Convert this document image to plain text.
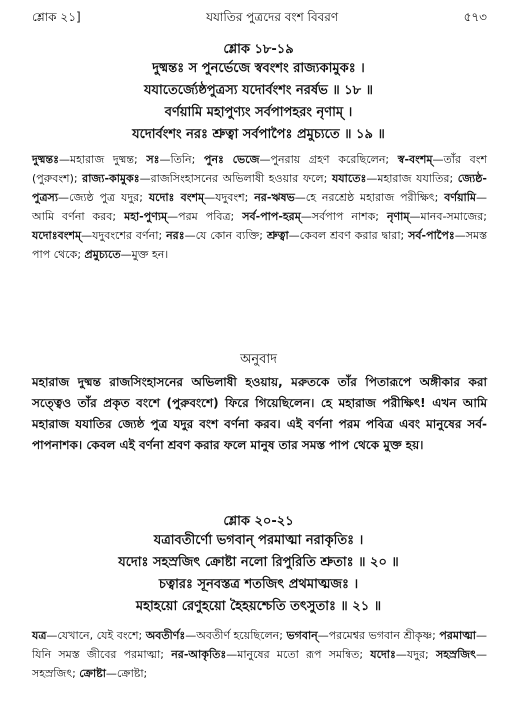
শ্লোক ২১]	যযাতির পুত্রদের বংশ বিবরণ	৫৭৩
শ্লোক ১৮-১৯
দুষ্মন্তঃ স পুনর্ভেজে স্ববংশং রাজ্যকামুকঃ ।
যযাতের্জ্যেষ্ঠপুত্রস্য যদোর্বংশং নরর্ষভ ॥ ১৮ ॥
বর্ণয়ামি মহাপুণ্যং সর্বপাপহরং নৃণাম্ ।
যদোর্বংশং নরঃ শ্রুত্বা সর্বপাপৈঃ প্রমুচ্যতে ॥ ১৯ ॥
দুষ্মন্তঃ—মহারাজ দুষ্মন্ত; সঃ—তিনি; পুনঃ ভেজে—পুনরায় গ্রহণ করেছিলেন; স্ব-বংশম্—তাঁর বংশ (পুরুবংশ); রাজ্য-কামুকঃ—রাজসিংহাসনের অভিলাষী হওয়ার ফলে; যযাতেঃ—মহারাজ যযাতির; জ্যেষ্ঠ-পুত্রস্য—জ্যেষ্ঠ পুত্র যদুর; যদোঃ বংশম্—যদুবংশ; নর-ঋষভ—হে নরশ্রেষ্ঠ মহারাজ পরীক্ষিৎ; বর্ণয়ামি—আমি বর্ণনা করব; মহা-পুণ্যম্—পরম পবিত্র; সর্ব-পাপ-হরম্—সর্বপাপ নাশক; নৃণাম্—মানব-সমাজের; যদোঃবংশম্—যদুবংশের বর্ণনা; নরঃ—যে কোন ব্যক্তি; শ্রুত্বা—কেবল শ্রবণ করার দ্বারা; সর্ব-পাপৈঃ—সমস্ত পাপ থেকে; প্রমুচ্যতে—মুক্ত হন।
অনুবাদ
মহারাজ দুষ্মন্ত রাজসিংহাসনের অভিলাষী হওয়ায়, মরুতকে তাঁর পিতারূপে অঙ্গীকার করা সত্ত্বেও তাঁর প্রকৃত বংশে (পুরুবংশে) ফিরে গিয়েছিলেন। হে মহারাজ পরীক্ষিৎ! এখন আমি মহারাজ যযাতির জ্যেষ্ঠ পুত্র যদুর বংশ বর্ণনা করব। এই বর্ণনা পরম পবিত্র এবং মানুষের সর্ব-পাপনাশক। কেবল এই বর্ণনা শ্রবণ করার ফলে মানুষ তার সমস্ত পাপ থেকে মুক্ত হয়।
শ্লোক ২০-২১
যত্রাবতীর্ণো ভগবান্ পরমাত্মা নরাকৃতিঃ ।
যদোঃ সহস্রজিৎ ক্রোষ্টা নলো রিপুরিতি শ্রুতাঃ ॥ ২০ ॥
চত্বারঃ সূনবস্তত্র শতজিৎ প্রথমাত্মজঃ ।
মহাহয়ো রেণুহয়ো হৈহয়শ্চেতি তৎসুতাঃ ॥ ২১ ॥
যত্র—যেখানে, যেই বংশে; অবতীর্ণঃ—অবতীর্ণ হয়েছিলেন; ভগবান্—পরমেশ্বর ভগবান শ্রীকৃষ্ণ; পরমাত্মা—যিনি সমস্ত জীবের পরমাত্মা; নর-আকৃতিঃ—মানুষের মতো রূপ সমন্বিত; যদোঃ—যদুর; সহস্রজিৎ—সহস্রজিৎ; ক্রোষ্টা—ক্রোষ্টা;
